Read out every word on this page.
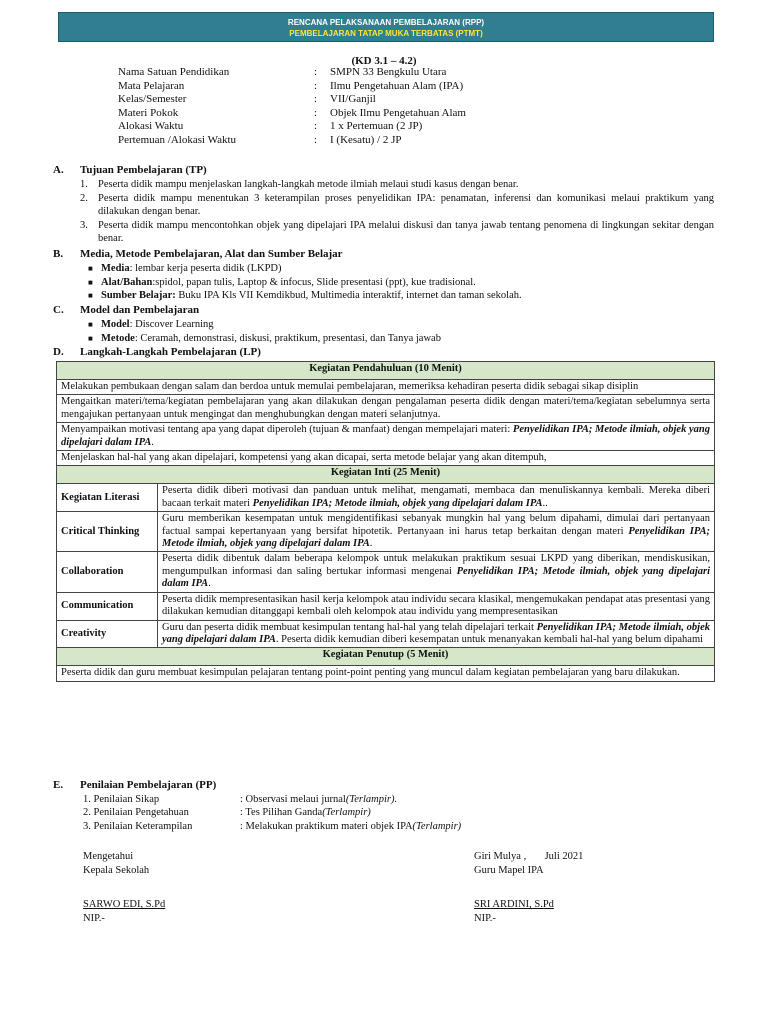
RENCANA PELAKSANAAN PEMBELAJARAN (RPP)
PEMBELAJARAN TATAP MUKA TERBATAS (PTMT)
(KD 3.1 – 4.2)
Nama Satuan Pendidikan	:	SMPN 33 Bengkulu Utara
Mata Pelajaran	:	Ilmu Pengetahuan Alam (IPA)
Kelas/Semester	:	VII/Ganjil
Materi Pokok	:	Objek Ilmu Pengetahuan Alam
Alokasi Waktu	:	1 x Pertemuan (2 JP)
Pertemuan /Alokasi Waktu	:	I (Kesatu) / 2 JP
A. Tujuan Pembelajaran (TP)
1. Peserta didik mampu menjelaskan langkah-langkah metode ilmiah melaui studi kasus dengan benar.
2. Peserta didik mampu menentukan 3 keterampilan proses penyelidikan IPA: penamatan, inferensi dan komunikasi melaui praktikum yang dilakukan dengan benar.
3. Peserta didik mampu mencontohkan objek yang dipelajari IPA melalui diskusi dan tanya jawab tentang penomena di lingkungan sekitar dengan benar.
B. Media, Metode Pembelajaran, Alat dan Sumber Belajar
■ Media: lembar kerja peserta didik (LKPD)
■ Alat/Bahan:spidol, papan tulis, Laptop & infocus, Slide presentasi (ppt), kue tradisional.
■ Sumber Belajar: Buku IPA Kls VII Kemdikbud, Multimedia interaktif, internet dan taman sekolah.
C. Model dan Pembelajaran
■ Model: Discover Learning
■ Metode: Ceramah, demonstrasi, diskusi, praktikum, presentasi, dan Tanya jawab
D. Langkah-Langkah Pembelajaran (LP)
Kegiatan Pendahuluan (10 Menit)	
Melakukan pembukaan dengan salam dan berdoa untuk memulai pembelajaran, memeriksa kehadiran peserta didik sebagai sikap disiplin	
Mengaitkan materi/tema/kegiatan pembelajaran yang akan dilakukan dengan pengalaman peserta didik dengan materi/tema/kegiatan sebelumnya serta mengajukan pertanyaan untuk mengingat dan menghubungkan dengan materi selanjutnya.	
Menyampaikan motivasi tentang apa yang dapat diperoleh (tujuan & manfaat) dengan mempelajari materi: Penyelidikan IPA; Metode ilmiah, objek yang dipelajari dalam IPA.	
Menjelaskan hal-hal yang akan dipelajari, kompetensi yang akan dicapai, serta metode belajar yang akan ditempuh,	
Kegiatan Inti (25 Menit)	
Kegiatan Literasi	Peserta didik diberi motivasi dan panduan untuk melihat, mengamati, membaca dan menuliskannya kembali. Mereka diberi bacaan terkait materi Penyelidikan IPA; Metode ilmiah, objek yang dipelajari dalam IPA..
Critical Thinking	Guru memberikan kesempatan untuk mengidentifikasi sebanyak mungkin hal yang belum dipahami, dimulai dari pertanyaan factual sampai kepertanyaan yang bersifat hipotetik. Pertanyaan ini harus tetap berkaitan dengan materi Penyelidikan IPA; Metode ilmiah, objek yang dipelajari dalam IPA.
Collaboration	Peserta didik dibentuk dalam beberapa kelompok untuk melakukan praktikum sesuai LKPD yang diberikan, mendiskusikan, mengumpulkan informasi dan saling bertukar informasi mengenai Penyelidikan IPA; Metode ilmiah, objek yang dipelajari dalam IPA.
Communication	Peserta didik mempresentasikan hasil kerja kelompok atau individu secara klasikal, mengemukakan pendapat atas presentasi yang dilakukan kemudian ditanggapi kembali oleh kelompok atau individu yang mempresentasikan
Creativity	Guru dan peserta didik membuat kesimpulan tentang hal-hal yang telah dipelajari terkait Penyelidikan IPA; Metode ilmiah, objek yang dipelajari dalam IPA. Peserta didik kemudian diberi kesempatan untuk menanyakan kembali hal-hal yang belum dipahami
Kegiatan Penutup (5 Menit)	
Peserta didik dan guru membuat kesimpulan pelajaran tentang point-point penting yang muncul dalam kegiatan pembelajaran yang baru dilakukan.	
E. Penilaian Pembelajaran (PP)
1. Penilaian Sikap	: Observasi melaui jurnal (Terlampir).
2. Penilaian Pengetahuan	: Tes Pilihan Ganda (Terlampir)
3. Penilaian Keterampilan	: Melakukan praktikum materi objek IPA (Terlampir)
Mengetahui
Kepala Sekolah
SARWO EDI, S.Pd
NIP.-
Giri Mulya ,       Juli 2021
Guru Mapel IPA
SRI ARDINI, S.Pd
NIP.-
